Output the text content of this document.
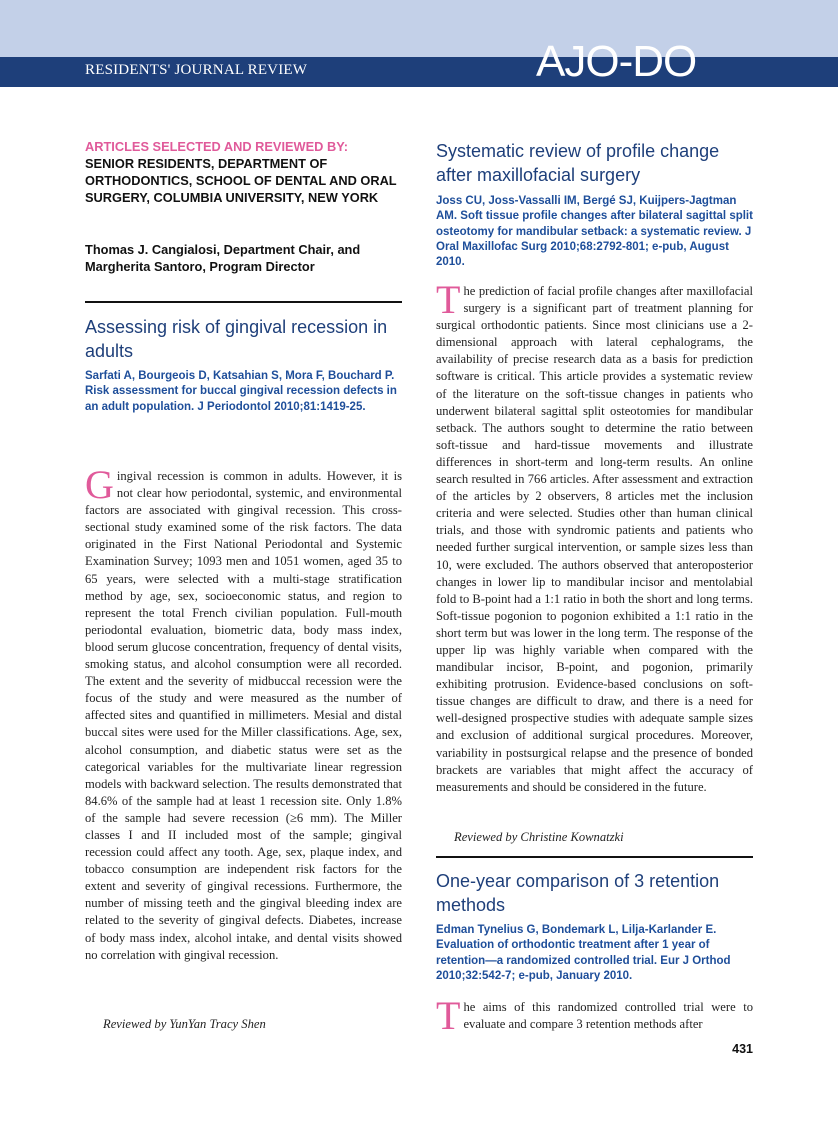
RESIDENTS' JOURNAL REVIEW	AJO-DO
ARTICLES SELECTED AND REVIEWED BY:
SENIOR RESIDENTS, DEPARTMENT OF ORTHODONTICS, SCHOOL OF DENTAL AND ORAL SURGERY, COLUMBIA UNIVERSITY, NEW YORK
Thomas J. Cangialosi, Department Chair, and Margherita Santoro, Program Director
Assessing risk of gingival recession in adults
Sarfati A, Bourgeois D, Katsahian S, Mora F, Bouchard P. Risk assessment for buccal gingival recession defects in an adult population. J Periodontol 2010;81:1419-25.
Gingival recession is common in adults. However, it is not clear how periodontal, systemic, and environmental factors are associated with gingival recession. This cross-sectional study examined some of the risk factors. The data originated in the First National Periodontal and Systemic Examination Survey; 1093 men and 1051 women, aged 35 to 65 years, were selected with a multi-stage stratification method by age, sex, socioeconomic status, and region to represent the total French civilian population. Full-mouth periodontal evaluation, biometric data, body mass index, blood serum glucose concentration, frequency of dental visits, smoking status, and alcohol consumption were all recorded. The extent and the severity of midbuccal recession were the focus of the study and were measured as the number of affected sites and quantified in millimeters. Mesial and distal buccal sites were used for the Miller classifications. Age, sex, alcohol consumption, and diabetic status were set as the categorical variables for the multivariate linear regression models with backward selection. The results demonstrated that 84.6% of the sample had at least 1 recession site. Only 1.8% of the sample had severe recession (≥6 mm). The Miller classes I and II included most of the sample; gingival recession could affect any tooth. Age, sex, plaque index, and tobacco consumption are independent risk factors for the extent and severity of gingival recessions. Furthermore, the number of missing teeth and the gingival bleeding index are related to the severity of gingival defects. Diabetes, increase of body mass index, alcohol intake, and dental visits showed no correlation with gingival recession.
Reviewed by YunYan Tracy Shen
Systematic review of profile change after maxillofacial surgery
Joss CU, Joss-Vassalli IM, Bergé SJ, Kuijpers-Jagtman AM. Soft tissue profile changes after bilateral sagittal split osteotomy for mandibular setback: a systematic review. J Oral Maxillofac Surg 2010;68:2792-801; e-pub, August 2010.
The prediction of facial profile changes after maxillofacial surgery is a significant part of treatment planning for surgical orthodontic patients. Since most clinicians use a 2-dimensional approach with lateral cephalograms, the availability of precise research data as a basis for prediction software is critical. This article provides a systematic review of the literature on the soft-tissue changes in patients who underwent bilateral sagittal split osteotomies for mandibular setback. The authors sought to determine the ratio between soft-tissue and hard-tissue movements and illustrate differences in short-term and long-term results. An online search resulted in 766 articles. After assessment and extraction of the articles by 2 observers, 8 articles met the inclusion criteria and were selected. Studies other than human clinical trials, and those with syndromic patients and patients who needed further surgical intervention, or sample sizes less than 10, were excluded. The authors observed that anteroposterior changes in lower lip to mandibular incisor and mentolabial fold to B-point had a 1:1 ratio in both the short and long terms. Soft-tissue pogonion to pogonion exhibited a 1:1 ratio in the short term but was lower in the long term. The response of the upper lip was highly variable when compared with the mandibular incisor, B-point, and pogonion, primarily exhibiting protrusion. Evidence-based conclusions on soft-tissue changes are difficult to draw, and there is a need for well-designed prospective studies with adequate sample sizes and exclusion of additional surgical procedures. Moreover, variability in postsurgical relapse and the presence of bonded brackets are variables that might affect the accuracy of measurements and should be considered in the future.
Reviewed by Christine Kownatzki
One-year comparison of 3 retention methods
Edman Tynelius G, Bondemark L, Lilja-Karlander E. Evaluation of orthodontic treatment after 1 year of retention—a randomized controlled trial. Eur J Orthod 2010;32:542-7; e-pub, January 2010.
The aims of this randomized controlled trial were to evaluate and compare 3 retention methods after
431
